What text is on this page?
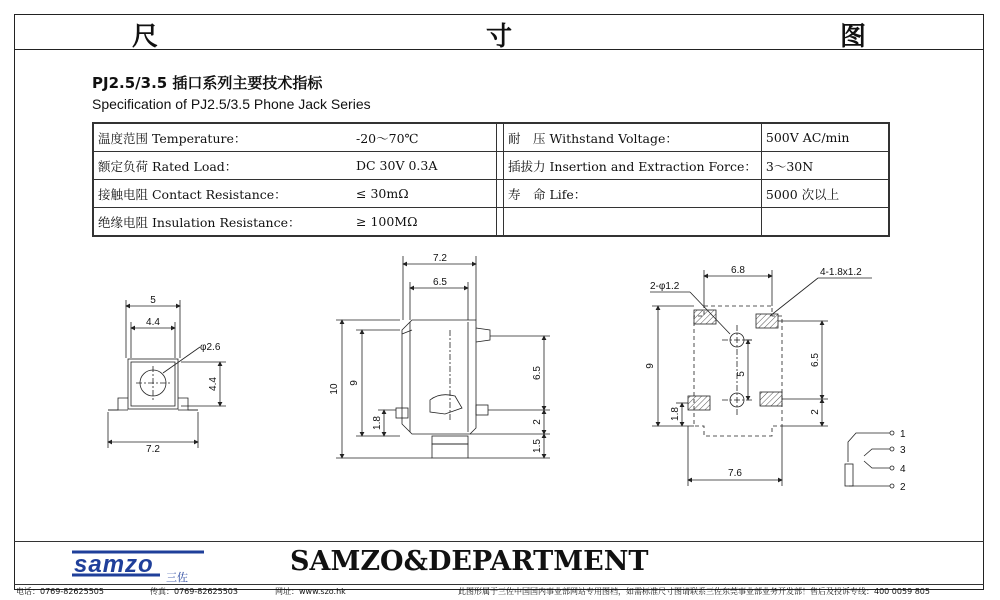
尺　　寸　　图
PJ2.5/3.5 插口系列主要技术指标
Specification of PJ2.5/3.5 Phone Jack Series
温度范围 Temperature：	-20～70℃		耐　压 Withstand Voltage：	500V AC/min
额定负荷 Rated Load：	DC 30V 0.3A		插拔力 Insertion and Extraction Force：	3～30N
接触电阻 Contact Resistance：	≤ 30mΩ		寿　命 Life：	5000 次以上
绝缘电阻 Insulation Resistance：	≥ 100MΩ			
5
4.4
φ2.6
4.4
7.2
7.2
6.5
10
9
1.8
6.5
2
1.5
6.8	4-1.8x1.2
2-φ1.2
9	6.5
5
1.8	2
7.6
1
3
4
2
samzo 三佐
SAMZO&DEPARTMENT
电话：0769-82625505	传真：0769-82625503	网址：www.szo.hk	此图形属于三佐中国国内事业部网站专用图档，如需标准尺寸图请联系三佐东莞事业部业务开发部！售后及投诉专线：400 0059 805
